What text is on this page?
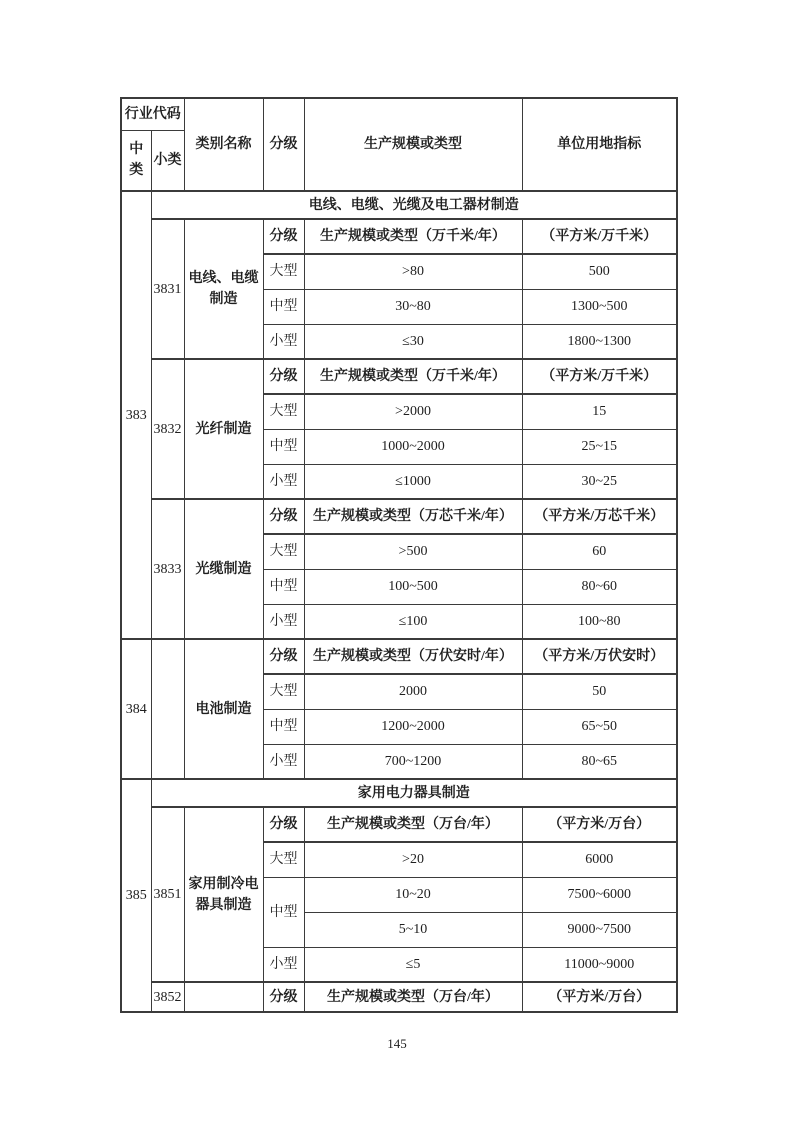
行业代码		类别名称	分级	生产规模或类型	单位用地指标
中类	小类				
383	电线、电缆、光缆及电工器材制造				
	3831	电线、电缆制造	分级	生产规模或类型（万千米/年）	（平方米/万千米）
			大型	>80	500
			中型	30~80	1300~500
			小型	≤30	1800~1300
	3832	光纤制造	分级	生产规模或类型（万千米/年）	（平方米/万千米）
			大型	>2000	15
			中型	1000~2000	25~15
			小型	≤1000	30~25
	3833	光缆制造	分级	生产规模或类型（万芯千米/年）	（平方米/万芯千米）
			大型	>500	60
			中型	100~500	80~60
			小型	≤100	100~80
384		电池制造	分级	生产规模或类型（万伏安时/年）	（平方米/万伏安时）
			大型	2000	50
			中型	1200~2000	65~50
			小型	700~1200	80~65
385	家用电力器具制造				
	3851	家用制冷电器具制造	分级	生产规模或类型（万台/年）	（平方米/万台）
			大型	>20	6000
			中型	10~20	7500~6000
				5~10	9000~7500
			小型	≤5	11000~9000
	3852		分级	生产规模或类型（万台/年）	（平方米/万台）
145
